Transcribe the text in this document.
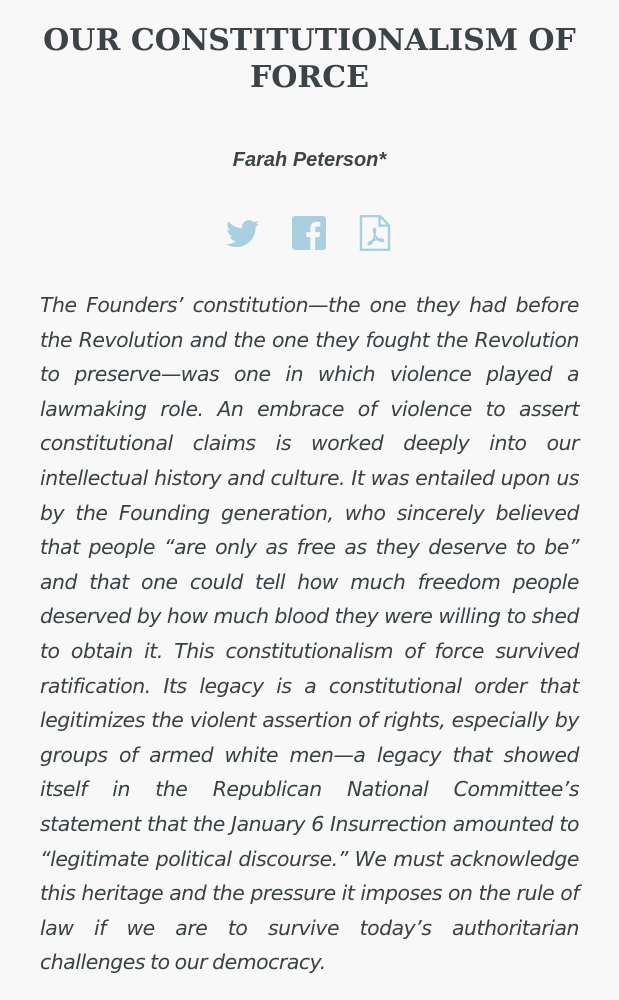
OUR CONSTITUTIONALISM OF FORCE
Farah Peterson*

The Founders’ constitution—the one they had before the Revolution and the one they fought the Revolution to preserve—was one in which violence played a lawmaking role. An embrace of violence to assert constitutional claims is worked deeply into our intellectual history and culture. It was entailed upon us by the Founding generation, who sincerely believed that people “are only as free as they deserve to be” and that one could tell how much freedom people deserved by how much blood they were willing to shed to obtain it. This constitutionalism of force survived ratification. Its legacy is a constitutional order that legitimizes the violent assertion of rights, especially by groups of armed white men—a legacy that showed itself in the Republican National Committee’s statement that the January 6 Insurrection amounted to “legitimate political discourse.” We must acknowledge this heritage and the pressure it imposes on the rule of law if we are to survive today’s authoritarian challenges to our democracy.
